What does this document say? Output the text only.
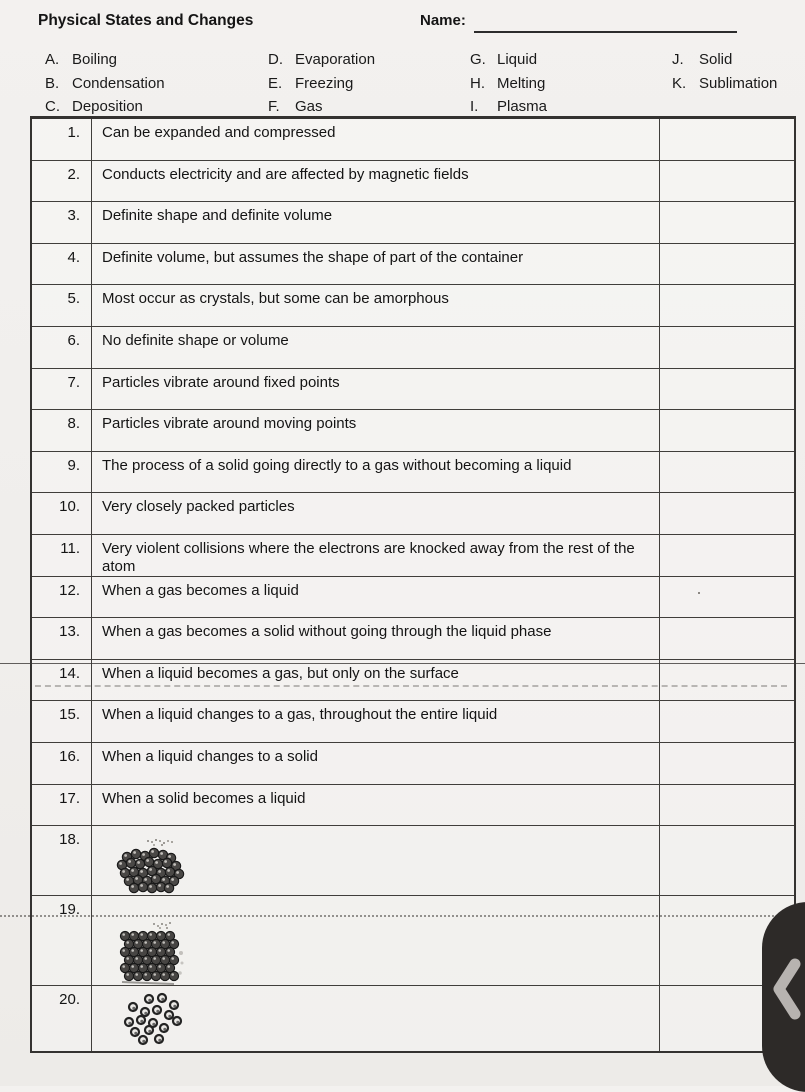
Physical States and Changes	Name:
A. Boiling
B. Condensation
C. Deposition
D. Evaporation
E. Freezing
F. Gas
G. Liquid
H. Melting
I. Plasma
J. Solid
K. Sublimation
1.	Can be expanded and compressed
2.	Conducts electricity and are affected by magnetic fields
3.	Definite shape and definite volume
4.	Definite volume, but assumes the shape of part of the container
5.	Most occur as crystals, but some can be amorphous
6.	No definite shape or volume
7.	Particles vibrate around fixed points
8.	Particles vibrate around moving points
9.	The process of a solid going directly to a gas without becoming a liquid
10.	Very closely packed particles
11.	Very violent collisions where the electrons are knocked away from the rest of the atom
12.	When a gas becomes a liquid
13.	When a gas becomes a solid without going through the liquid phase
14.	When a liquid becomes a gas, but only on the surface
15.	When a liquid changes to a gas, throughout the entire liquid
16.	When a liquid changes to a solid
17.	When a solid becomes a liquid
18.
19.
20.
